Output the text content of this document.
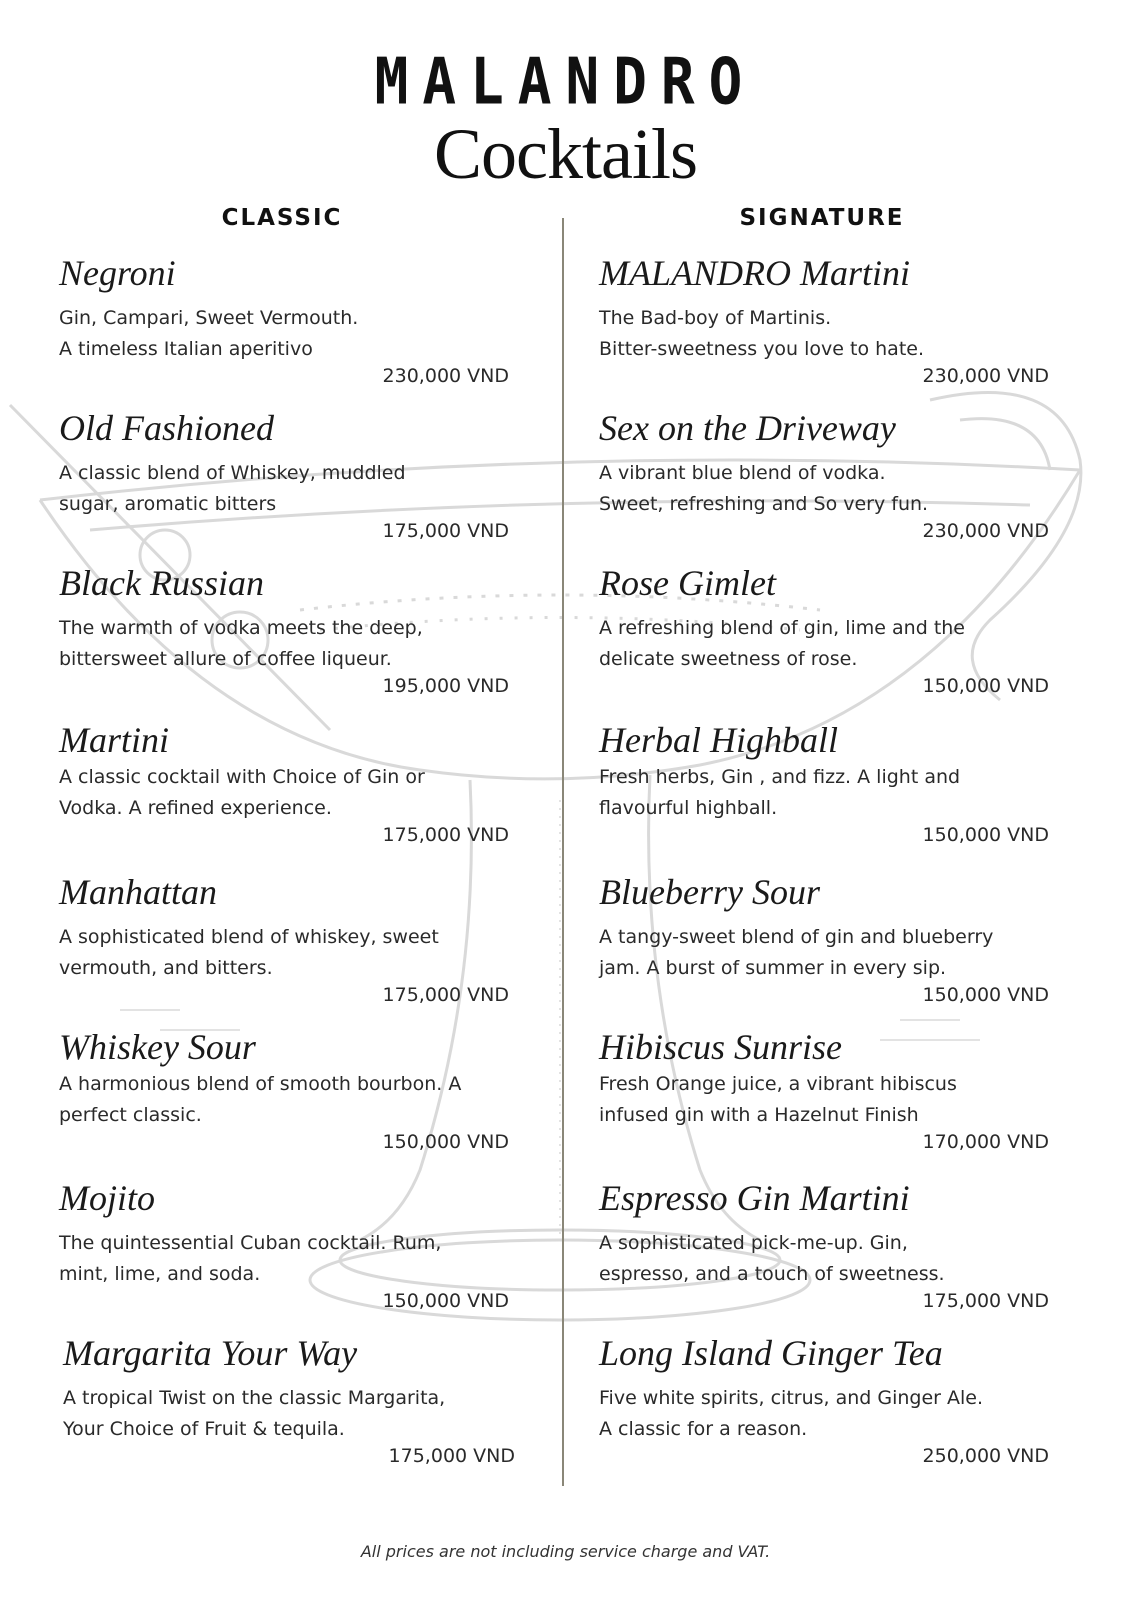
MALANDRO
Cocktails
CLASSIC	SIGNATURE
Negroni
Gin, Campari, Sweet Vermouth.
A timeless Italian aperitivo
230,000 VND
Old Fashioned
A classic blend of Whiskey, muddled
sugar, aromatic bitters
175,000 VND
Black Russian
The warmth of vodka meets the deep,
bittersweet allure of coffee liqueur.
195,000 VND
Martini
A classic cocktail with Choice of Gin or
Vodka. A refined experience.
175,000 VND
Manhattan
A sophisticated blend of whiskey, sweet
vermouth, and bitters.
175,000 VND
Whiskey Sour
A harmonious blend of smooth bourbon. A
perfect classic.
150,000 VND
Mojito
The quintessential Cuban cocktail. Rum,
mint, lime, and soda.
150,000 VND
Margarita Your Way
A tropical Twist on the classic Margarita,
Your Choice of Fruit & tequila.
175,000 VND
MALANDRO Martini
The Bad-boy of Martinis.
Bitter-sweetness you love to hate.
230,000 VND
Sex on the Driveway
A vibrant blue blend of vodka.
Sweet, refreshing and So very fun.
230,000 VND
Rose Gimlet
A refreshing blend of gin, lime and the
delicate sweetness of rose.
150,000 VND
Herbal Highball
Fresh herbs, Gin , and fizz. A light and
flavourful highball.
150,000 VND
Blueberry Sour
A tangy-sweet blend of gin and blueberry
jam. A burst of summer in every sip.
150,000 VND
Hibiscus Sunrise
Fresh Orange juice, a vibrant hibiscus
infused gin with a Hazelnut Finish
170,000 VND
Espresso Gin Martini
A sophisticated pick-me-up. Gin,
espresso, and a touch of sweetness.
175,000 VND
Long Island Ginger Tea
Five white spirits, citrus, and Ginger Ale.
A classic for a reason.
250,000 VND
All prices are not including service charge and VAT.
